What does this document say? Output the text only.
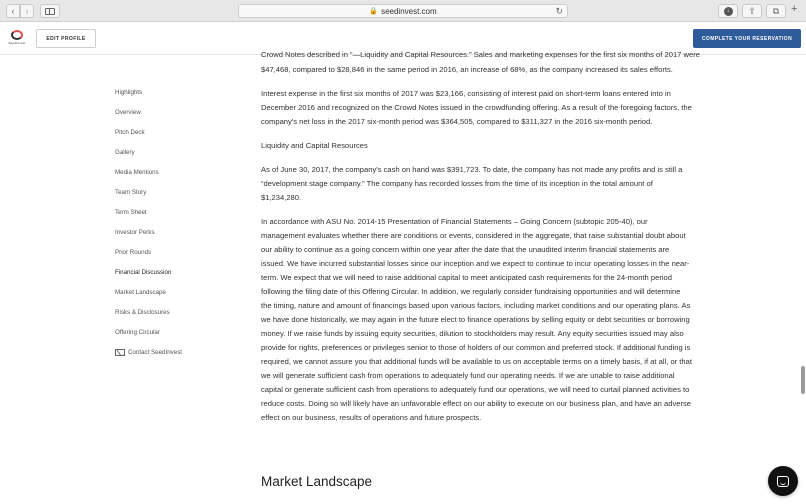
‹ ›	🔒 seedinvest.com	↻	↓	⇧ ⧉ +
SeedInvest
EDIT PROFILE	COMPLETE YOUR RESERVATION
Highlights
Overview
Pitch Deck
Gallery
Media Mentions
Team Story
Term Sheet
Investor Perks
Prior Rounds
Financial Discussion
Market Landscape
Risks & Disclosures
Offering Circular
Contact SeedInvest

Crowd Notes described in “—Liquidity and Capital Resources.” Sales and marketing expenses for the first six months of 2017 were

$47,468, compared to $28,846 in the same period in 2016, an increase of 68%, as the company increased its sales efforts.

Interest expense in the first six months of 2017 was $23,166, consisting of interest paid on short-term loans entered into in December 2016 and recognized on the Crowd Notes issued in the crowdfunding offering. As a result of the foregoing factors, the company's net loss in the 2017 six-month period was $364,505, compared to $311,327 in the 2016 six-month period.

Liquidity and Capital Resources

As of June 30, 2017, the company's cash on hand was $391,723. To date, the company has not made any profits and is still a “development stage company.” The company has recorded losses from the time of its inception in the total amount of $1,234,280.

In accordance with ASU No. 2014-15 Presentation of Financial Statements – Going Concern (subtopic 205-40), our management evaluates whether there are conditions or events, considered in the aggregate, that raise substantial doubt about our ability to continue as a going concern within one year after the date that the unaudited interim financial statements are issued. We have incurred substantial losses since our inception and we expect to continue to incur operating losses in the near-term. We expect that we will need to raise additional capital to meet anticipated cash requirements for the 24-month period following the filing date of this Offering Circular. In addition, we regularly consider fundraising opportunities and will determine the timing, nature and amount of financings based upon various factors, including market conditions and our operating plans. As we have done historically, we may again in the future elect to finance operations by selling equity or debt securities or borrowing money. If we raise funds by issuing equity securities, dilution to stockholders may result. Any equity securities issued may also provide for rights, preferences or privileges senior to those of holders of our common and preferred stock. If additional funding is required, we cannot assure you that additional funds will be available to us on acceptable terms on a timely basis, if at all, or that we will generate sufficient cash from operations to adequately fund our operating needs. If we are unable to raise additional capital or generate sufficient cash from operations to adequately fund our operations, we will need to curtail planned activities to reduce costs. Doing so will likely have an unfavorable effect on our ability to execute on our business plan, and have an adverse effect on our business, results of operations and future prospects.

Market Landscape
